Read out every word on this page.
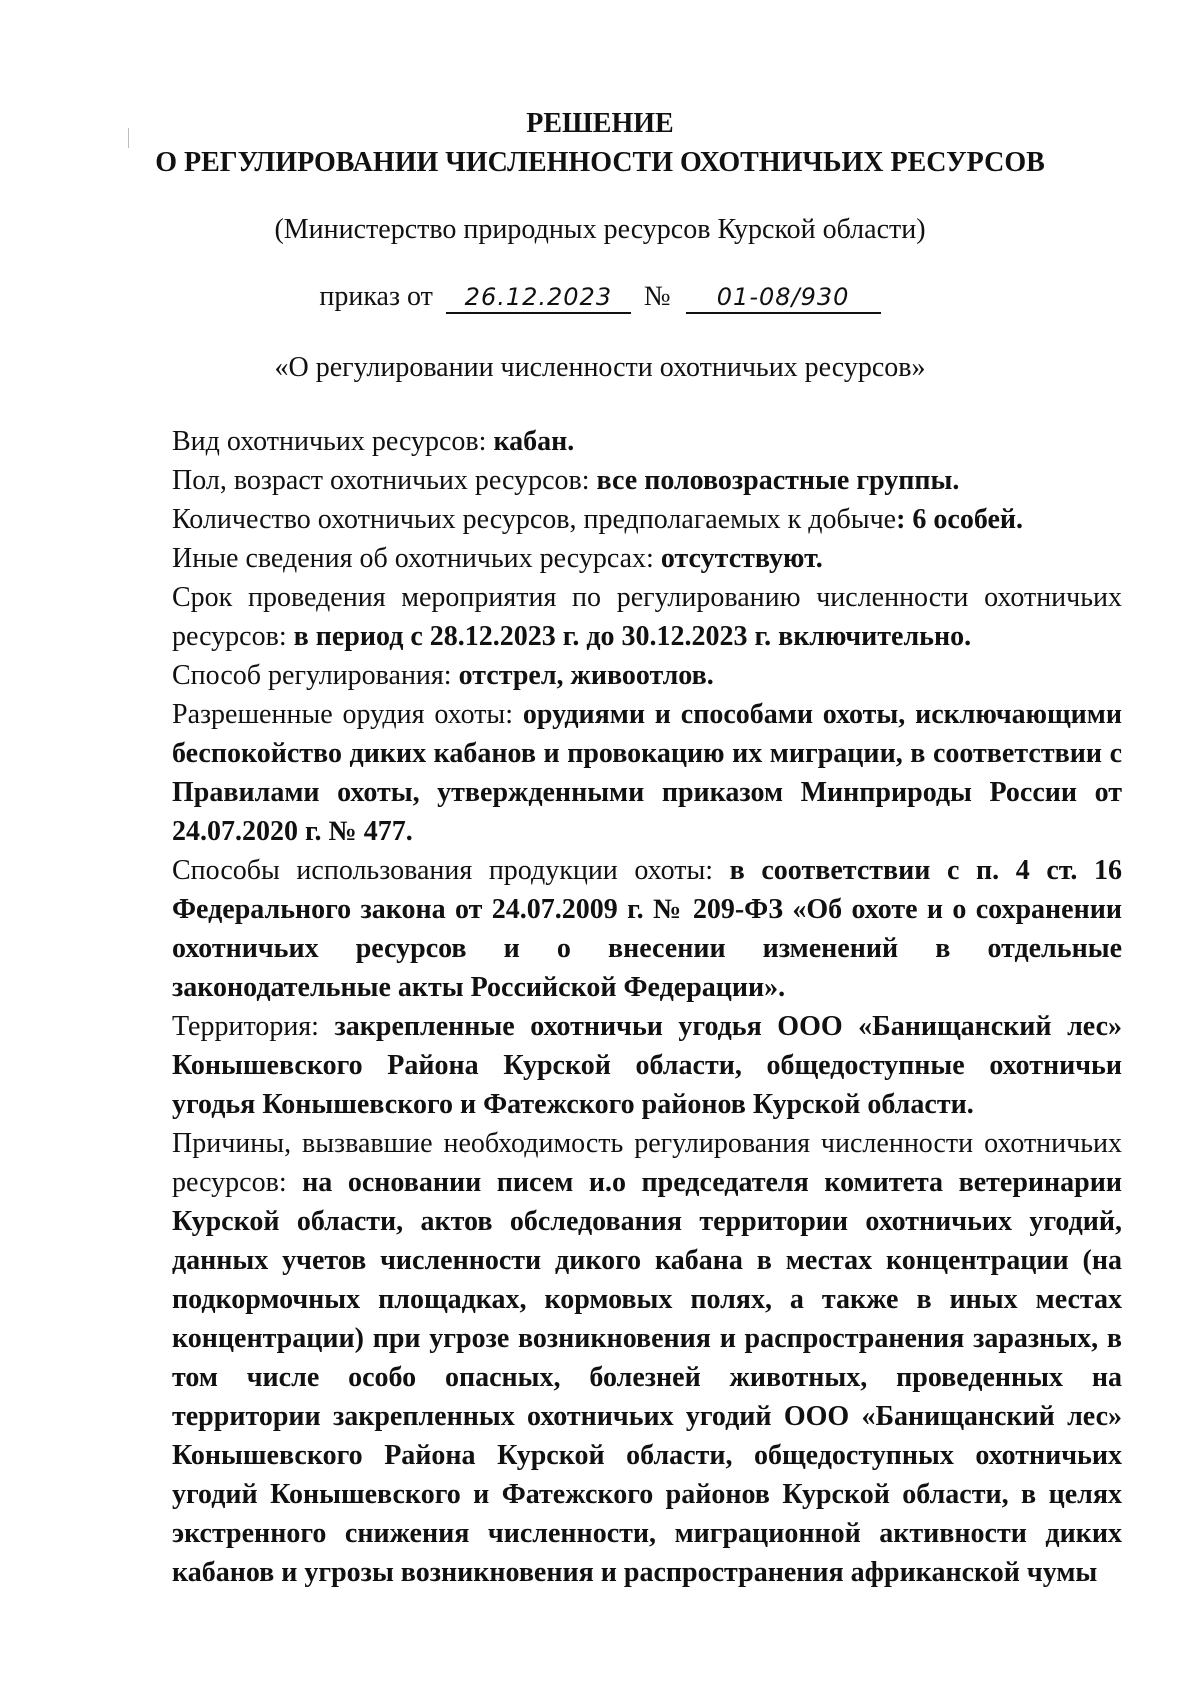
РЕШЕНИЕ
О РЕГУЛИРОВАНИИ ЧИСЛЕННОСТИ ОХОТНИЧЬИХ РЕСУРСОВ
(Министерство природных ресурсов Курской области)
приказ от 26.12.2023 № 01-08/930
«О регулировании численности охотничьих ресурсов»

Вид охотничьих ресурсов: кабан.

Пол, возраст охотничьих ресурсов: все половозрастные группы.

Количество охотничьих ресурсов, предполагаемых к добыче: 6 особей.

Иные сведения об охотничьих ресурсах: отсутствуют.

Срок проведения мероприятия по регулированию численности охотничьих ресурсов: в период с 28.12.2023 г. до 30.12.2023 г. включительно.

Способ регулирования: отстрел, живоотлов.

Разрешенные орудия охоты: орудиями и способами охоты, исключающими беспокойство диких кабанов и провокацию их миграции, в соответствии с Правилами охоты, утвержденными приказом Минприроды России от 24.07.2020 г. № 477.

Способы использования продукции охоты: в соответствии с п. 4 ст. 16 Федерального закона от 24.07.2009 г. № 209-ФЗ «Об охоте и о сохранении охотничьих ресурсов и о внесении изменений в отдельные законодательные акты Российской Федерации».

Территория: закрепленные охотничьи угодья ООО «Банищанский лес» Конышевского Района Курской области, общедоступные охотничьи угодья Конышевского и Фатежского районов Курской области.

Причины, вызвавшие необходимость регулирования численности охотничьих ресурсов: на основании писем и.о председателя комитета ветеринарии Курской области, актов обследования территории охотничьих угодий, данных учетов численности дикого кабана в местах концентрации (на подкормочных площадках, кормовых полях, а также в иных местах концентрации) при угрозе возникновения и распространения заразных, в том числе особо опасных, болезней животных, проведенных на территории закрепленных охотничьих угодий ООО «Банищанский лес» Конышевского Района Курской области, общедоступных охотничьих угодий Конышевского и Фатежского районов Курской области, в целях экстренного снижения численности, миграционной активности диких кабанов и угрозы возникновения и распространения африканской чумы
